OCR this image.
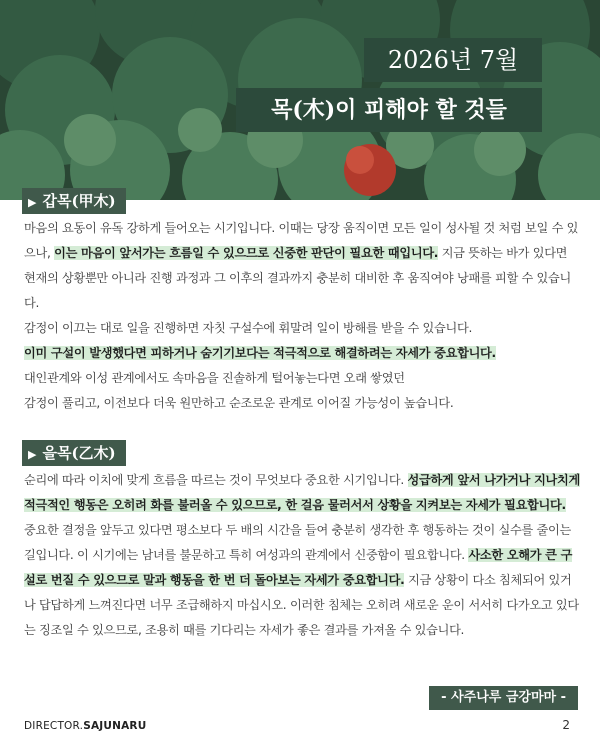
2026년 7월
목(木)이 피해야 할 것들
▶ 갑목(甲木)
마음의 요동이 유독 강하게 들어오는 시기입니다. 이때는 당장 움직이면 모든 일이 성사될 것 처럼 보일 수 있으나, 이는 마음이 앞서가는 흐름일 수 있으므로 신중한 판단이 필요한 때입니다. 지금 뜻하는 바가 있다면 현재의 상황뿐만 아니라 진행 과정과 그 이후의 결과까지 충분히 대비한 후 움직여야 낭패를 피할 수 있습니다.
감정이 이끄는 대로 일을 진행하면 자칫 구설수에 휘말려 일이 방해를 받을 수 있습니다.
이미 구설이 발생했다면 피하거나 숨기기보다는 적극적으로 해결하려는 자세가 중요합니다.
대인관계와 이성 관계에서도 속마음을 진솔하게 털어놓는다면 오래 쌓였던
감정이 풀리고, 이전보다 더욱 원만하고 순조로운 관계로 이어질 가능성이 높습니다.
▶ 을목(乙木)
순리에 따라 이치에 맞게 흐름을 따르는 것이 무엇보다 중요한 시기입니다. 성급하게 앞서 나가거나 지나치게 적극적인 행동은 오히려 화를 불러올 수 있으므로, 한 걸음 물러서서 상황을 지켜보는 자세가 필요합니다. 중요한 결정을 앞두고 있다면 평소보다 두 배의 시간을 들여 충분히 생각한 후 행동하는 것이 실수를 줄이는 길입니다. 이 시기에는 남녀를 불문하고 특히 여성과의 관계에서 신중함이 필요합니다. 사소한 오해가 큰 구설로 번질 수 있으므로 말과 행동을 한 번 더 돌아보는 자세가 중요합니다. 지금 상황이 다소 침체되어 있거나 답답하게 느껴진다면 너무 조급해하지 마십시오. 이러한 침체는 오히려 새로운 운이 서서히 다가오고 있다는 징조일 수 있으므로, 조용히 때를 기다리는 자세가 좋은 결과를 가져올 수 있습니다.
- 사주나루 금강마마 -
DIRECTOR.SAJUNARU	2
